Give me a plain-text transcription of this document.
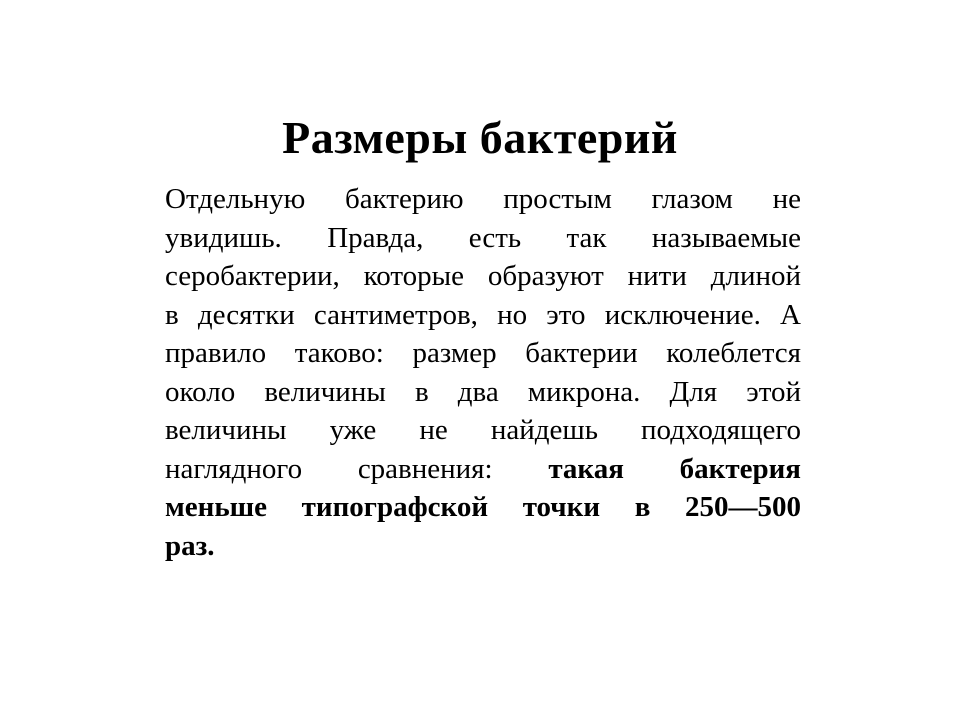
Размеры бактерий
Отдельную бактерию простым глазом не
увидишь. Правда, есть так называемые
серобактерии, которые образуют нити длиной
в десятки сантиметров, но это исключение. А
правило таково: размер бактерии колеблется
около величины в два микрона. Для этой
величины уже не найдешь подходящего
наглядного сравнения: такая бактерия
меньше типографской точки в 250—500
раз.
